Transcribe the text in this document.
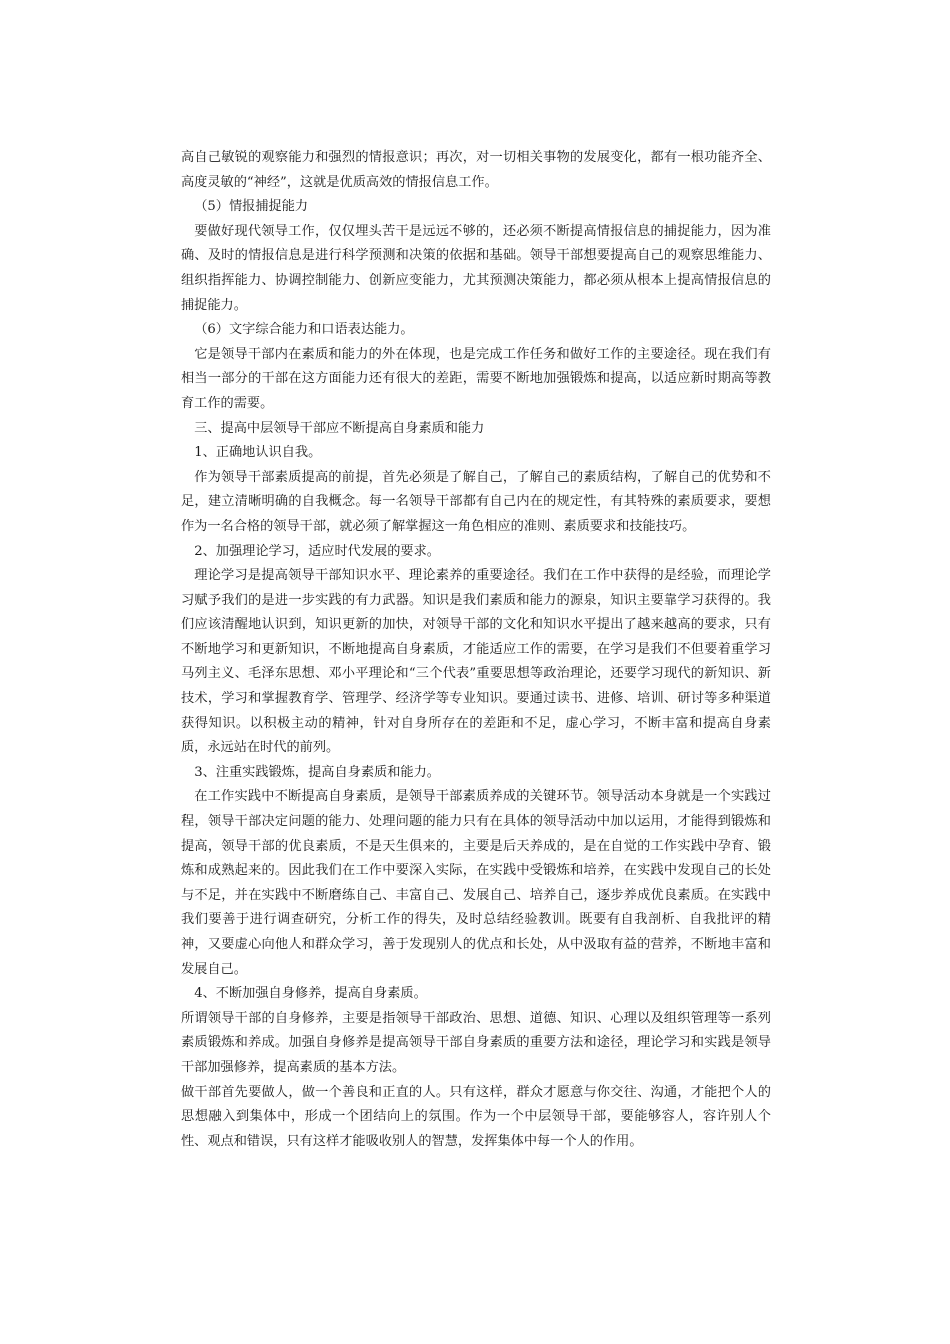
高自己敏锐的观察能力和强烈的情报意识；再次，对一切相关事物的发展变化，都有一根功能齐全、高度灵敏的“神经”，这就是优质高效的情报信息工作。

（5）情报捕捉能力

要做好现代领导工作，仅仅埋头苦干是远远不够的，还必须不断提高情报信息的捕捉能力，因为准确、及时的情报信息是进行科学预测和决策的依据和基础。领导干部想要提高自己的观察思维能力、组织指挥能力、协调控制能力、创新应变能力，尤其预测决策能力，都必须从根本上提高情报信息的捕捉能力。

（6）文字综合能力和口语表达能力。

它是领导干部内在素质和能力的外在体现，也是完成工作任务和做好工作的主要途径。现在我们有相当一部分的干部在这方面能力还有很大的差距，需要不断地加强锻炼和提高，以适应新时期高等教育工作的需要。

三、提高中层领导干部应不断提高自身素质和能力

1、正确地认识自我。

作为领导干部素质提高的前提，首先必须是了解自己，了解自己的素质结构，了解自己的优势和不足，建立清晰明确的自我概念。每一名领导干部都有自己内在的规定性，有其特殊的素质要求，要想作为一名合格的领导干部，就必须了解掌握这一角色相应的准则、素质要求和技能技巧。

2、加强理论学习，适应时代发展的要求。

理论学习是提高领导干部知识水平、理论素养的重要途径。我们在工作中获得的是经验，而理论学习赋予我们的是进一步实践的有力武器。知识是我们素质和能力的源泉，知识主要靠学习获得的。我们应该清醒地认识到，知识更新的加快，对领导干部的文化和知识水平提出了越来越高的要求，只有不断地学习和更新知识，不断地提高自身素质，才能适应工作的需要，在学习是我们不但要着重学习马列主义、毛泽东思想、邓小平理论和“三个代表”重要思想等政治理论，还要学习现代的新知识、新技术，学习和掌握教育学、管理学、经济学等专业知识。要通过读书、进修、培训、研讨等多种渠道获得知识。以积极主动的精神，针对自身所存在的差距和不足，虚心学习，不断丰富和提高自身素质，永远站在时代的前列。

3、注重实践锻炼，提高自身素质和能力。

在工作实践中不断提高自身素质，是领导干部素质养成的关键环节。领导活动本身就是一个实践过程，领导干部决定问题的能力、处理问题的能力只有在具体的领导活动中加以运用，才能得到锻炼和提高，领导干部的优良素质，不是天生俱来的，主要是后天养成的，是在自觉的工作实践中孕育、锻炼和成熟起来的。因此我们在工作中要深入实际，在实践中受锻炼和培养，在实践中发现自己的长处与不足，并在实践中不断磨练自己、丰富自己、发展自己、培养自己，逐步养成优良素质。在实践中我们要善于进行调查研究，分析工作的得失，及时总结经验教训。既要有自我剖析、自我批评的精神，又要虚心向他人和群众学习，善于发现别人的优点和长处，从中汲取有益的营养，不断地丰富和发展自己。

4、不断加强自身修养，提高自身素质。

所谓领导干部的自身修养，主要是指领导干部政治、思想、道德、知识、心理以及组织管理等一系列素质锻炼和养成。加强自身修养是提高领导干部自身素质的重要方法和途径，理论学习和实践是领导干部加强修养，提高素质的基本方法。

做干部首先要做人，做一个善良和正直的人。只有这样，群众才愿意与你交往、沟通，才能把个人的思想融入到集体中，形成一个团结向上的氛围。作为一个中层领导干部，要能够容人，容许别人个性、观点和错误，只有这样才能吸收别人的智慧，发挥集体中每一个人的作用。
